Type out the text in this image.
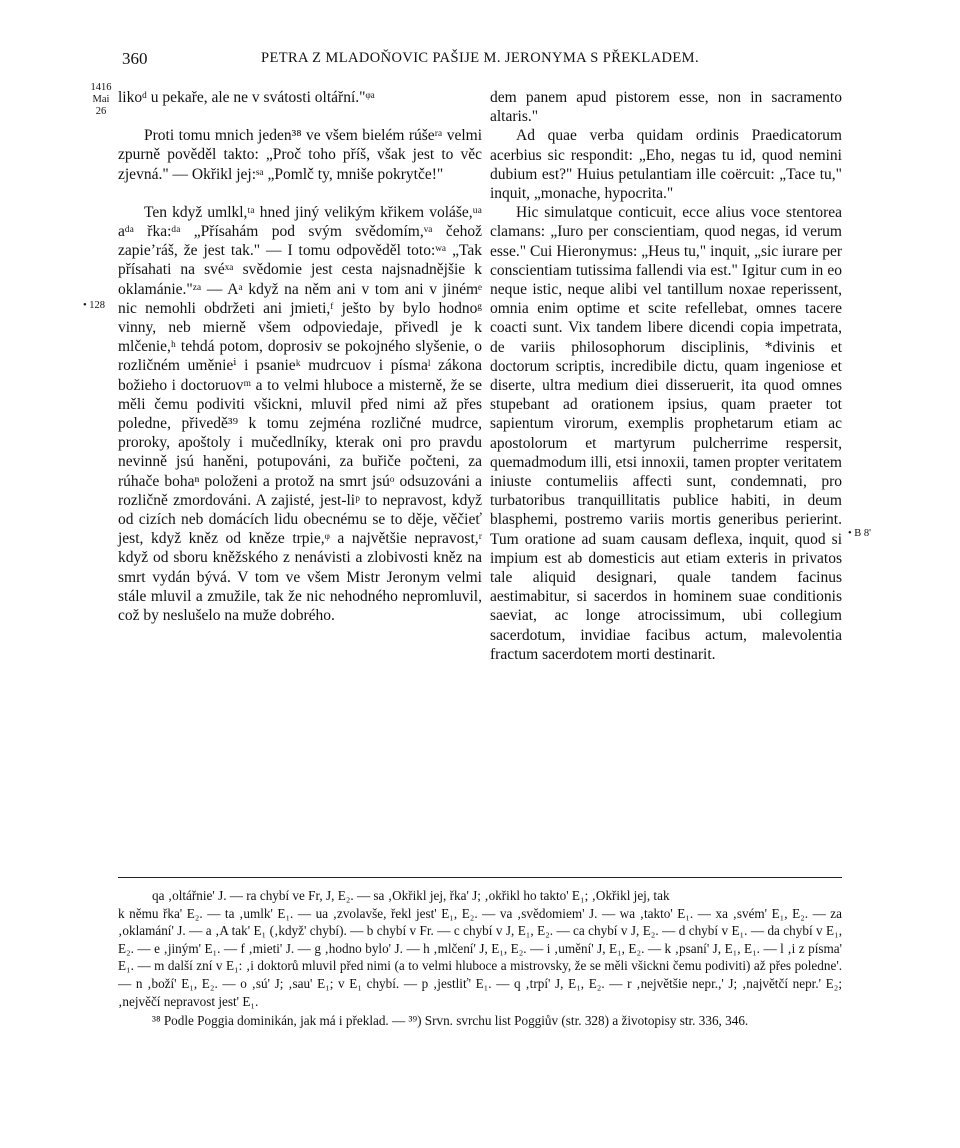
360	PETRA Z MLADOŇOVIC PAŠIJE M. JERONYMA S PŘEKLADEM.
1416
Mai 26
• 128
• B 8'

likoᵈ u pekaře, ale ne v svátosti oltářní."ᵠᵃ

Proti tomu mnich jeden³⁸ ve všem bielém rúšeʳᵃ velmi zpurně pověděl takto: „Proč toho příš, však jest to věc zjevná." — Okřikl jej:ˢᵃ „Pomlč ty, mnišе pokrytče!"

Ten když umlkl,ᵗᵃ hned jiný velikým křikem voláše,ᵘᵃ aᵈᵃ řka:ᵈᵃ „Přísahám pod svým svědomím,ᵛᵃ čehož zapieʼráš, že jest tak." — I tomu odpověděl toto:ʷᵃ „Tak přísahati na svéˣᵃ svědomie jest cesta najsnadnějšie k oklamánie."ᶻᵃ — Aᵃ když na něm ani v tom ani v jinémᵉ nic nemohli obdržeti ani jmieti,ᶠ ješto by bylo hodnoᵍ vinny, neb mierně všem odpoviedaje, přivedl je k mlčenie,ʰ tehdá potom, doprosiv se pokojného slyšenie, o rozličném uměnieⁱ i psanieᵏ mudrcuov i písmaˡ zákona božieho i doctoruovᵐ a to velmi hluboce a misterně, že se měli čemu podiviti všickni, mluvil před nimi až přes poledne, přivedě³⁹ k tomu zejména rozličné mudrce, proroky, apoštoly i mučedlníky, kterak oni pro pravdu nevinně jsú haněni, potupováni, za buřiče počteni, za rúhače bohaⁿ položeni a protož na smrt jsúᵒ odsuzováni a rozličně zmordováni. A zajisté, jest-liᵖ to nepravost, když od cizích neb domácích lidu obecnému se to děje, věčieť jest, když kněz od kněze trpie,ᵠ a najvětšie nepravost,ʳ když od sboru kněžského z nenávisti a zlobivosti kněz na smrt vydán bývá. V tom ve všem Mistr Jeronym velmi stále mluvil a zmužile, tak že nic nehodného nepromluvil, což by neslušelo na muže dobrého.

dem panem apud pistorem esse, non in sacramento altaris."

Ad quae verba quidam ordinis Praedicatorum acerbius sic respondit: „Eho, negas tu id, quod nemini dubium est?" Huius petulantiam ille coërcuit: „Tace tu," inquit, „monache, hypocrita."

Hic simulatque conticuit, ecce alius voce stentorea clamans: „Iuro per conscientiam, quod negas, id verum esse." Cui Hieronymus: „Heus tu," inquit, „sic iurare per conscientiam tutissima fallendi via est." Igitur cum in eo neque istic, neque alibi vel tantillum noxae reperissent, omnia enim optime et scite refellebat, omnes tacere coacti sunt. Vix tandem libere dicendi copia impetrata, de variis philosophorum disciplinis, *divinis et doctorum scriptis, incredibile dictu, quam ingeniose et diserte, ultra medium diei disseruerit, ita quod omnes stupebant ad orationem ipsius, quam praeter tot sapientum virorum, exemplis prophetarum etiam ac apostolorum et martyrum pulcherrime respersit, quemadmodum illi, etsi innoxii, tamen propter veritatem iniuste contumeliis affecti sunt, condemnati, pro turbatoribus tranquillitatis publice habiti, in deum blasphemi, postremo variis mortis generibus perierint. Tum oratione ad suam causam deflexa, inquit, quod si impium est ab domesticis aut etiam exteris in privatos tale aliquid designari, quale tandem facinus aestimabitur, si sacerdos in hominem suae conditionis saeviat, ac longe atrocissimum, ubi collegium sacerdotum, invidiae facibus actum, malevolentia fractum sacerdotem morti destinarit.

qa ‚oltářnie' J. — ra chybí ve Fr, J, E₂. — sa ‚Okřikl jej, řka' J; ‚okřikl ho takto' E₁; ‚Okřikl jej, tak

k němu řka' E₂. — ta ‚umlk' E₁. — ua ‚zvolavše, řekl jest' E₁, E₂. — va ‚svědomiem' J. — wa ‚takto' E₁. — xa ‚svém' E₁, E₂. — za ‚oklamání' J. — a ‚A tak' E₁ (‚když' chybí). — b chybí v Fr. — c chybí v J, E₁, E₂. — ca chybí v J, E₂. — d chybí v E₁. — da chybí v E₁, E₂. — e ‚jiným' E₁. — f ‚mieti' J. — g ‚hodno bylo' J. — h ‚mlčení' J, E₁, E₂. — i ‚umění' J, E₁, E₂. — k ‚psaní' J, E₁, E₁. — l ‚i z písma' E₁. — m další zní v E₁: ‚i doktorů mluvil před nimi (a to velmi hluboce a mistrovsky, že se měli všickni čemu podiviti) až přes poledne'. — n ‚boží' E₁, E₂. — o ‚sú' J; ‚sau' E₁; v E₁ chybí. — p ‚jestliť' E₁. — q ‚trpí' J, E₁, E₂. — r ‚největšie nepr.,' J; ‚najvětčí nepr.' E₂; ‚nejvěčí nepravost jest' E₁.

³⁸ Podle Poggia dominikán, jak má i překlad. — ³⁹) Srvn. svrchu list Poggiův (str. 328) a životopisy str. 336, 346.
